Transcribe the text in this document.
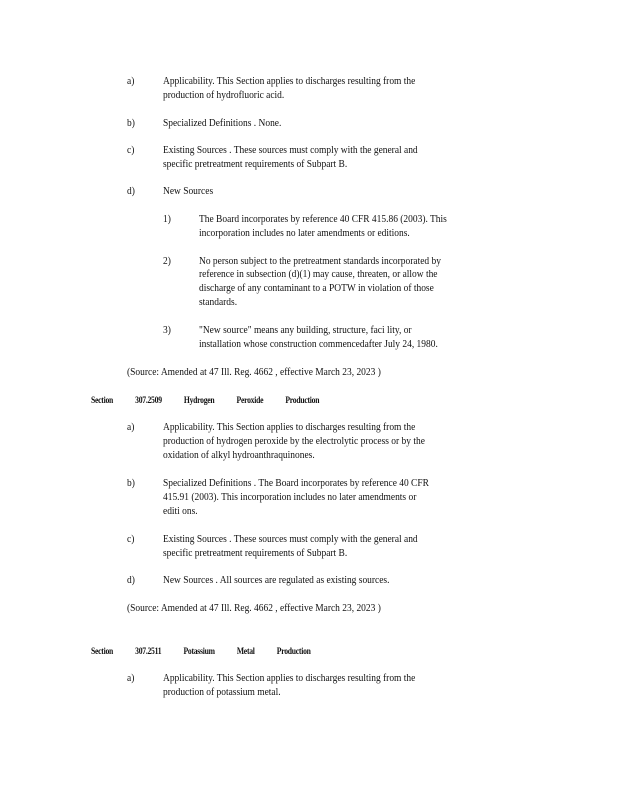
a)	Applicability. This Section applies to discharges resulting from the
production of hydrofluoric acid.
b)	Specialized Definitions . None.
c)	Existing Sources . These sources must comply with the general and
specific pretreatment requirements of Subpart B.
d)	New Sources
1)	The Board incorporates by reference 40 CFR 415.86 (2003). This
incorporation includes no later amendments or editions.
2)	No person subject to the pretreatment standards incorporated by
reference in subsection (d)(1) may cause, threaten, or allow the
discharge of any contaminant to a POTW in violation of those
standards.
3)	"New source" means any building, structure, faci lity, or
installation whose construction commencedafter July 24, 1980.
(Source: Amended at 47 Ill. Reg. 4662 , effective March 23, 2023 )
Section 307.2509 Hydrogen Peroxide Production
a)	Applicability. This Section applies to discharges resulting from the
production of hydrogen peroxide by the electrolytic process or by the
oxidation of alkyl hydroanthraquinones.
b)	Specialized Definitions . The Board incorporates by reference 40 CFR
415.91 (2003). This incorporation includes no later amendments or
editi ons.
c)	Existing Sources . These sources must comply with the general and
specific pretreatment requirements of Subpart B.
d)	New Sources . All sources are regulated as existing sources.
(Source: Amended at 47 Ill. Reg. 4662 , effective March 23, 2023 )
Section 307.2511 Potassium Metal Production
a)	Applicability. This Section applies to discharges resulting from the
production of potassium metal.
